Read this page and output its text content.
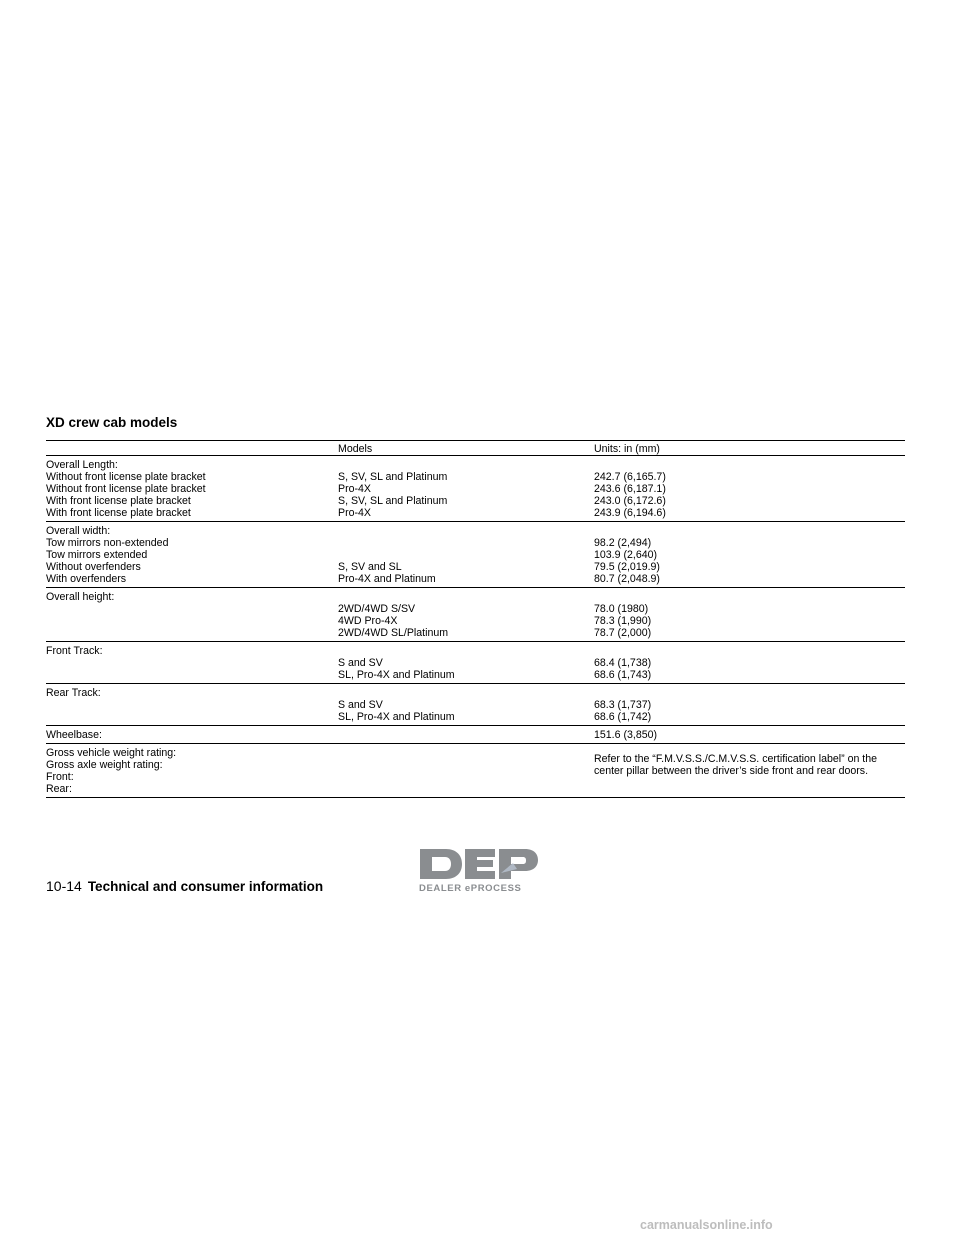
XD crew cab models
Models	Units: in (mm)
Overall Length:
Without front license plate bracket
Without front license plate bracket
With front license plate bracket
With front license plate bracket
S, SV, SL and Platinum
Pro-4X
S, SV, SL and Platinum
Pro-4X
242.7 (6,165.7)
243.6 (6,187.1)
243.0 (6,172.6)
243.9 (6,194.6)
Overall width:
Tow mirrors non-extended
Tow mirrors extended
Without overfenders
With overfenders
S, SV and SL
Pro-4X and Platinum
98.2 (2,494)
103.9 (2,640)
79.5 (2,019.9)
80.7 (2,048.9)
Overall height:
2WD/4WD S/SV
4WD Pro-4X
2WD/4WD SL/Platinum
78.0 (1980)
78.3 (1,990)
78.7 (2,000)
Front Track:
S and SV
SL, Pro-4X and Platinum
68.4 (1,738)
68.6 (1,743)
Rear Track:
S and SV
SL, Pro-4X and Platinum
68.3 (1,737)
68.6 (1,742)
Wheelbase:	151.6 (3,850)
Gross vehicle weight rating:
Gross axle weight rating:
Front:
Rear:
Refer to the “F.M.V.S.S./C.M.V.S.S. certification label” on the center pillar between the driver’s side front and rear doors.
DEALER ePROCESS
10-14 Technical and consumer information
carmanualsonline.info
